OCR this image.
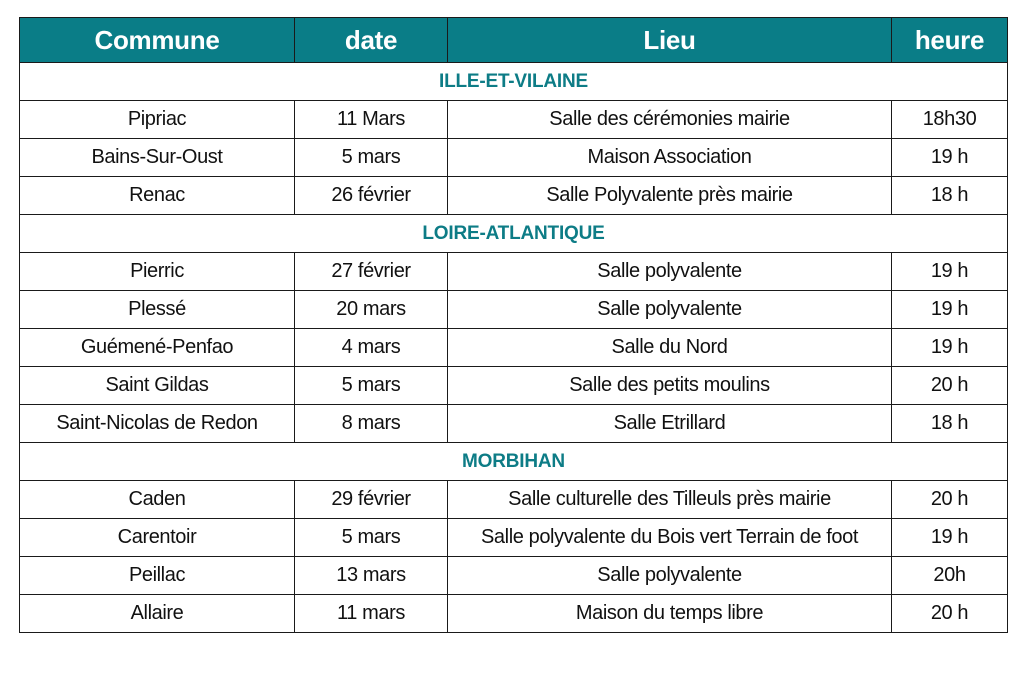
Commune	date	Lieu	heure
ILLE-ET-VILAINE			
Pipriac	11 Mars	Salle des cérémonies mairie	18h30
Bains-Sur-Oust	5 mars	Maison Association	19 h
Renac	26 février	Salle Polyvalente près mairie	18 h
LOIRE-ATLANTIQUE			
Pierric	27 février	Salle polyvalente	19 h
Plessé	20 mars	Salle polyvalente	19 h
Guémené-Penfao	4 mars	Salle du Nord	19 h
Saint Gildas	5 mars	Salle des petits moulins	20 h
Saint-Nicolas de Redon	8 mars	Salle Etrillard	18 h
MORBIHAN			
Caden	29 février	Salle culturelle des Tilleuls près mairie	20 h
Carentoir	5 mars	Salle polyvalente du Bois vert Terrain de foot	19 h
Peillac	13 mars	Salle polyvalente	20h
Allaire	11 mars	Maison du temps libre	20 h
